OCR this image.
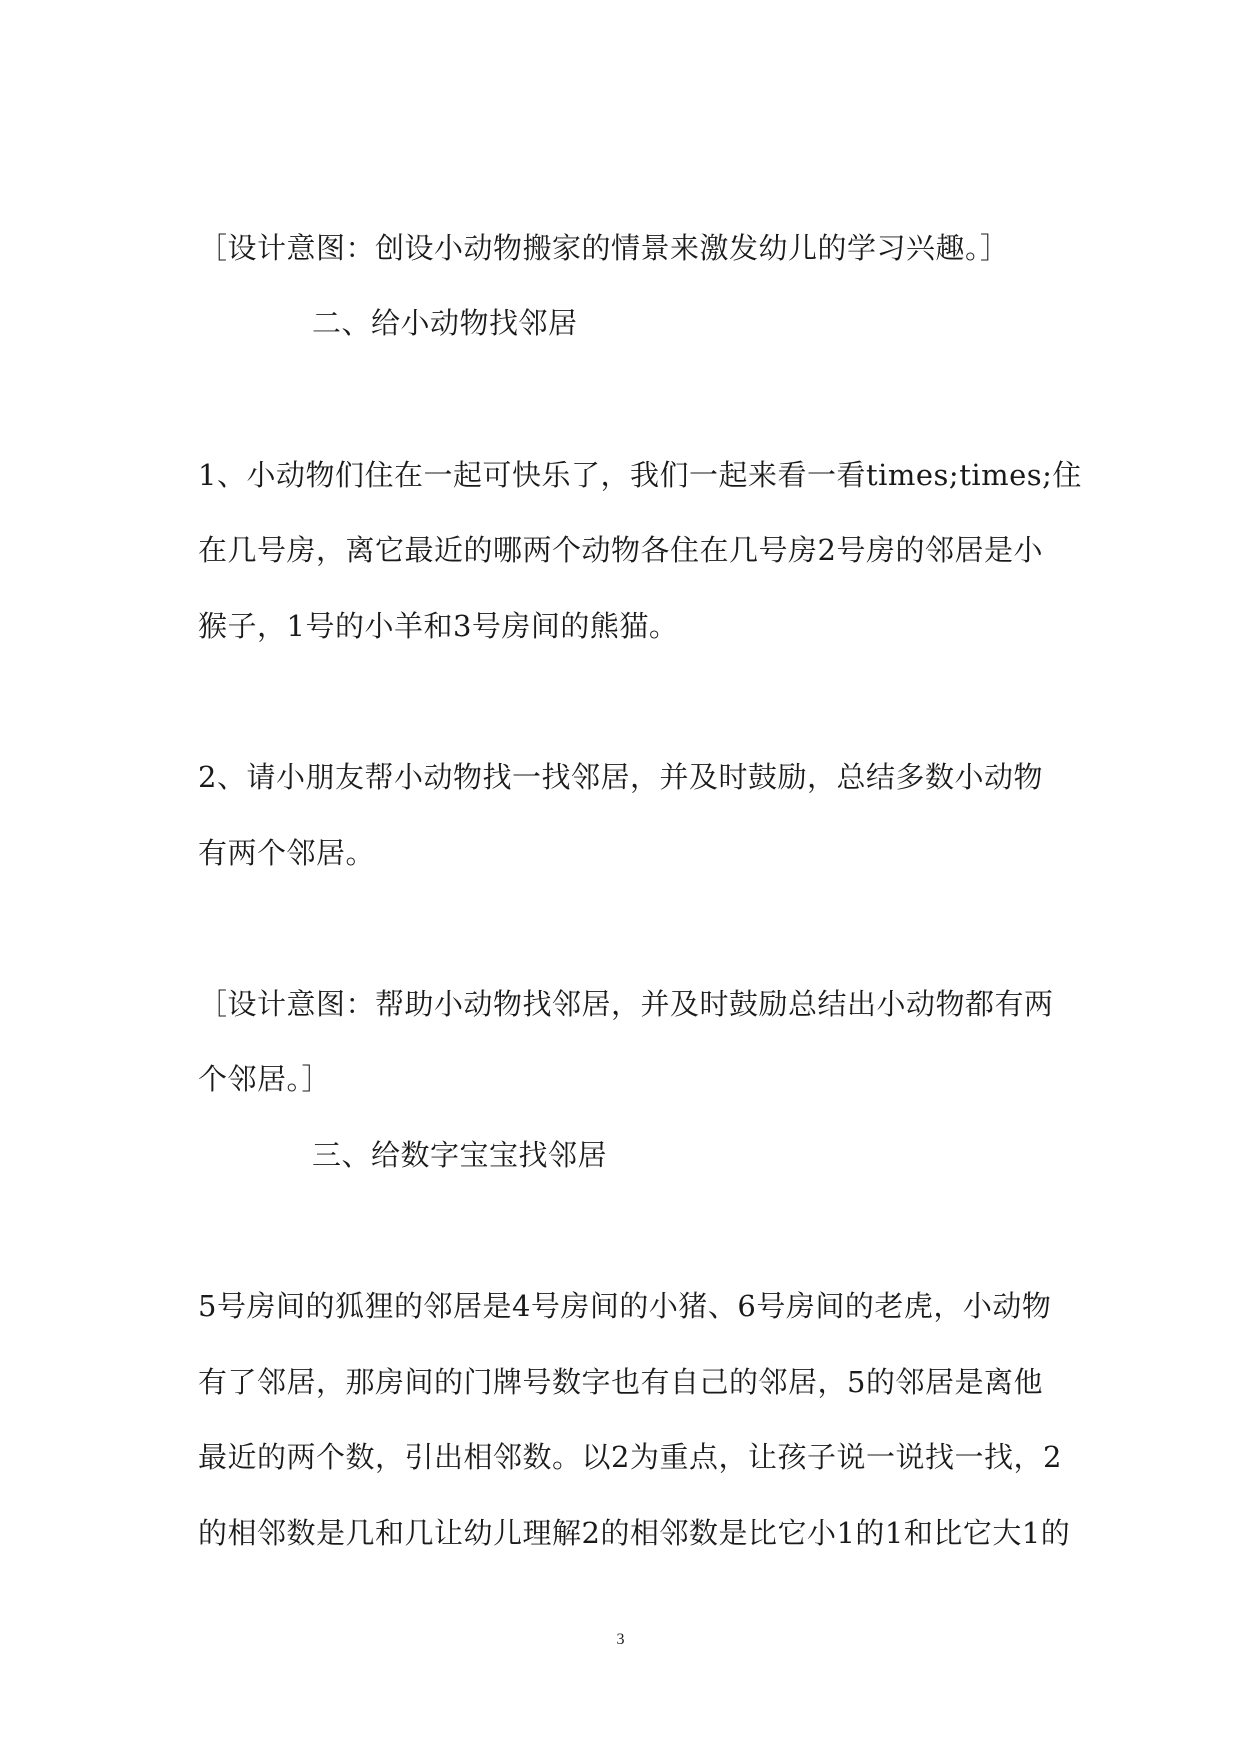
［设计意图：创设小动物搬家的情景来激发幼儿的学习兴趣。］
二、给小动物找邻居
1、小动物们住在一起可快乐了，我们一起来看一看times;times;住
在几号房，离它最近的哪两个动物各住在几号房2号房的邻居是小
猴子，1号的小羊和3号房间的熊猫。
2、请小朋友帮小动物找一找邻居，并及时鼓励，总结多数小动物
有两个邻居。
［设计意图：帮助小动物找邻居，并及时鼓励总结出小动物都有两
个邻居。］
三、给数字宝宝找邻居
5号房间的狐狸的邻居是4号房间的小猪、6号房间的老虎，小动物
有了邻居，那房间的门牌号数字也有自己的邻居，5的邻居是离他
最近的两个数，引出相邻数。以2为重点，让孩子说一说找一找，2
的相邻数是几和几让幼儿理解2的相邻数是比它小1的1和比它大1的
3
